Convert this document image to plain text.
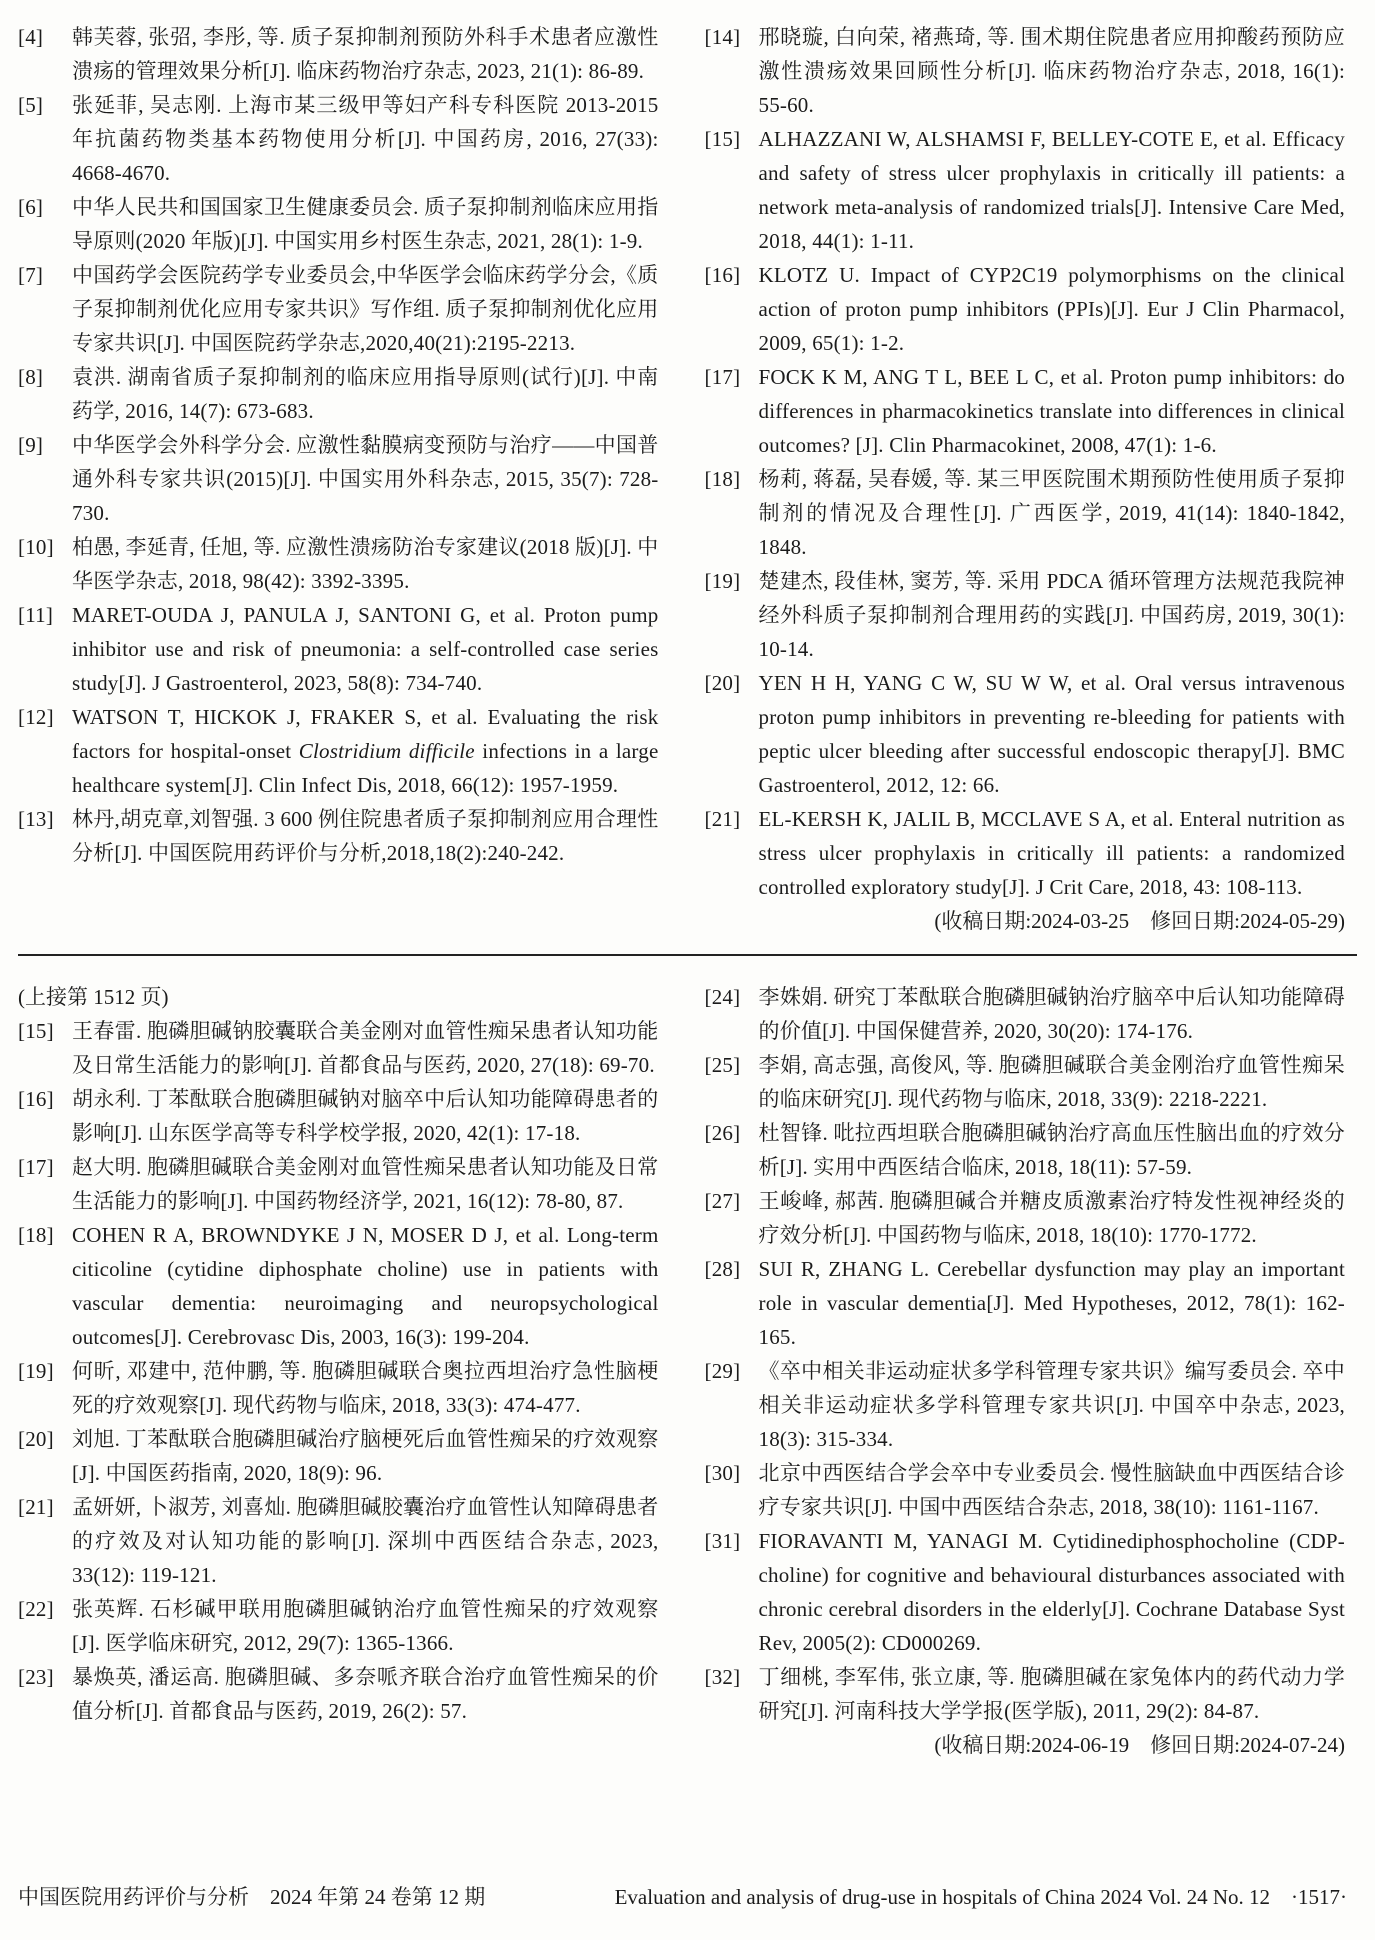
[4] 韩芙蓉, 张弨, 李彤, 等. 质子泵抑制剂预防外科手术患者应激性溃疡的管理效果分析[J]. 临床药物治疗杂志, 2023, 21(1): 86-89.
[5] 张延菲, 吴志刚. 上海市某三级甲等妇产科专科医院 2013-2015 年抗菌药物类基本药物使用分析[J]. 中国药房, 2016, 27(33): 4668-4670.
[6] 中华人民共和国国家卫生健康委员会. 质子泵抑制剂临床应用指导原则(2020 年版)[J]. 中国实用乡村医生杂志, 2021, 28(1): 1-9.
[7] 中国药学会医院药学专业委员会,中华医学会临床药学分会,《质子泵抑制剂优化应用专家共识》写作组. 质子泵抑制剂优化应用专家共识[J]. 中国医院药学杂志,2020,40(21):2195-2213.
[8] 袁洪. 湖南省质子泵抑制剂的临床应用指导原则(试行)[J]. 中南药学, 2016, 14(7): 673-683.
[9] 中华医学会外科学分会. 应激性黏膜病变预防与治疗——中国普通外科专家共识(2015)[J]. 中国实用外科杂志, 2015, 35(7): 728-730.
[10] 柏愚, 李延青, 任旭, 等. 应激性溃疡防治专家建议(2018 版)[J]. 中华医学杂志, 2018, 98(42): 3392-3395.
[11] MARET-OUDA J, PANULA J, SANTONI G, et al. Proton pump inhibitor use and risk of pneumonia: a self-controlled case series study[J]. J Gastroenterol, 2023, 58(8): 734-740.
[12] WATSON T, HICKOK J, FRAKER S, et al. Evaluating the risk factors for hospital-onset Clostridium difficile infections in a large healthcare system[J]. Clin Infect Dis, 2018, 66(12): 1957-1959.
[13] 林丹,胡克章,刘智强. 3 600 例住院患者质子泵抑制剂应用合理性分析[J]. 中国医院用药评价与分析,2018,18(2):240-242.
[14] 邢晓璇, 白向荣, 褚燕琦, 等. 围术期住院患者应用抑酸药预防应激性溃疡效果回顾性分析[J]. 临床药物治疗杂志, 2018, 16(1): 55-60.
[15] ALHAZZANI W, ALSHAMSI F, BELLEY-COTE E, et al. Efficacy and safety of stress ulcer prophylaxis in critically ill patients: a network meta-analysis of randomized trials[J]. Intensive Care Med, 2018, 44(1): 1-11.
[16] KLOTZ U. Impact of CYP2C19 polymorphisms on the clinical action of proton pump inhibitors (PPIs)[J]. Eur J Clin Pharmacol, 2009, 65(1): 1-2.
[17] FOCK K M, ANG T L, BEE L C, et al. Proton pump inhibitors: do differences in pharmacokinetics translate into differences in clinical outcomes? [J]. Clin Pharmacokinet, 2008, 47(1): 1-6.
[18] 杨莉, 蒋磊, 吴春媛, 等. 某三甲医院围术期预防性使用质子泵抑制剂的情况及合理性[J]. 广西医学, 2019, 41(14): 1840-1842, 1848.
[19] 楚建杰, 段佳林, 窦芳, 等. 采用 PDCA 循环管理方法规范我院神经外科质子泵抑制剂合理用药的实践[J]. 中国药房, 2019, 30(1): 10-14.
[20] YEN H H, YANG C W, SU W W, et al. Oral versus intravenous proton pump inhibitors in preventing re-bleeding for patients with peptic ulcer bleeding after successful endoscopic therapy[J]. BMC Gastroenterol, 2012, 12: 66.
[21] EL-KERSH K, JALIL B, MCCLAVE S A, et al. Enteral nutrition as stress ulcer prophylaxis in critically ill patients: a randomized controlled exploratory study[J]. J Crit Care, 2018, 43: 108-113.
(收稿日期:2024-03-25　修回日期:2024-05-29)
(上接第 1512 页)
[15] 王春雷. 胞磷胆碱钠胶囊联合美金刚对血管性痴呆患者认知功能及日常生活能力的影响[J]. 首都食品与医药, 2020, 27(18): 69-70.
[16] 胡永利. 丁苯酞联合胞磷胆碱钠对脑卒中后认知功能障碍患者的影响[J]. 山东医学高等专科学校学报, 2020, 42(1): 17-18.
[17] 赵大明. 胞磷胆碱联合美金刚对血管性痴呆患者认知功能及日常生活能力的影响[J]. 中国药物经济学, 2021, 16(12): 78-80, 87.
[18] COHEN R A, BROWNDYKE J N, MOSER D J, et al. Long-term citicoline (cytidine diphosphate choline) use in patients with vascular dementia: neuroimaging and neuropsychological outcomes[J]. Cerebrovasc Dis, 2003, 16(3): 199-204.
[19] 何昕, 邓建中, 范仲鹏, 等. 胞磷胆碱联合奥拉西坦治疗急性脑梗死的疗效观察[J]. 现代药物与临床, 2018, 33(3): 474-477.
[20] 刘旭. 丁苯酞联合胞磷胆碱治疗脑梗死后血管性痴呆的疗效观察[J]. 中国医药指南, 2020, 18(9): 96.
[21] 孟妍妍, 卜淑芳, 刘喜灿. 胞磷胆碱胶囊治疗血管性认知障碍患者的疗效及对认知功能的影响[J]. 深圳中西医结合杂志, 2023, 33(12): 119-121.
[22] 张英辉. 石杉碱甲联用胞磷胆碱钠治疗血管性痴呆的疗效观察[J]. 医学临床研究, 2012, 29(7): 1365-1366.
[23] 暴焕英, 潘运高. 胞磷胆碱、多奈哌齐联合治疗血管性痴呆的价值分析[J]. 首都食品与医药, 2019, 26(2): 57.
[24] 李姝娟. 研究丁苯酞联合胞磷胆碱钠治疗脑卒中后认知功能障碍的价值[J]. 中国保健营养, 2020, 30(20): 174-176.
[25] 李娟, 高志强, 高俊风, 等. 胞磷胆碱联合美金刚治疗血管性痴呆的临床研究[J]. 现代药物与临床, 2018, 33(9): 2218-2221.
[26] 杜智锋. 吡拉西坦联合胞磷胆碱钠治疗高血压性脑出血的疗效分析[J]. 实用中西医结合临床, 2018, 18(11): 57-59.
[27] 王峻峰, 郝茜. 胞磷胆碱合并糖皮质激素治疗特发性视神经炎的疗效分析[J]. 中国药物与临床, 2018, 18(10): 1770-1772.
[28] SUI R, ZHANG L. Cerebellar dysfunction may play an important role in vascular dementia[J]. Med Hypotheses, 2012, 78(1): 162-165.
[29] 《卒中相关非运动症状多学科管理专家共识》编写委员会. 卒中相关非运动症状多学科管理专家共识[J]. 中国卒中杂志, 2023, 18(3): 315-334.
[30] 北京中西医结合学会卒中专业委员会. 慢性脑缺血中西医结合诊疗专家共识[J]. 中国中西医结合杂志, 2018, 38(10): 1161-1167.
[31] FIORAVANTI M, YANAGI M. Cytidinediphosphocholine (CDP-choline) for cognitive and behavioural disturbances associated with chronic cerebral disorders in the elderly[J]. Cochrane Database Syst Rev, 2005(2): CD000269.
[32] 丁细桃, 李军伟, 张立康, 等. 胞磷胆碱在家兔体内的药代动力学研究[J]. 河南科技大学学报(医学版), 2011, 29(2): 84-87.
(收稿日期:2024-06-19　修回日期:2024-07-24)
中国医院用药评价与分析　2024 年第 24 卷第 12 期	Evaluation and analysis of drug-use in hospitals of China 2024 Vol. 24 No. 12　·1517·
